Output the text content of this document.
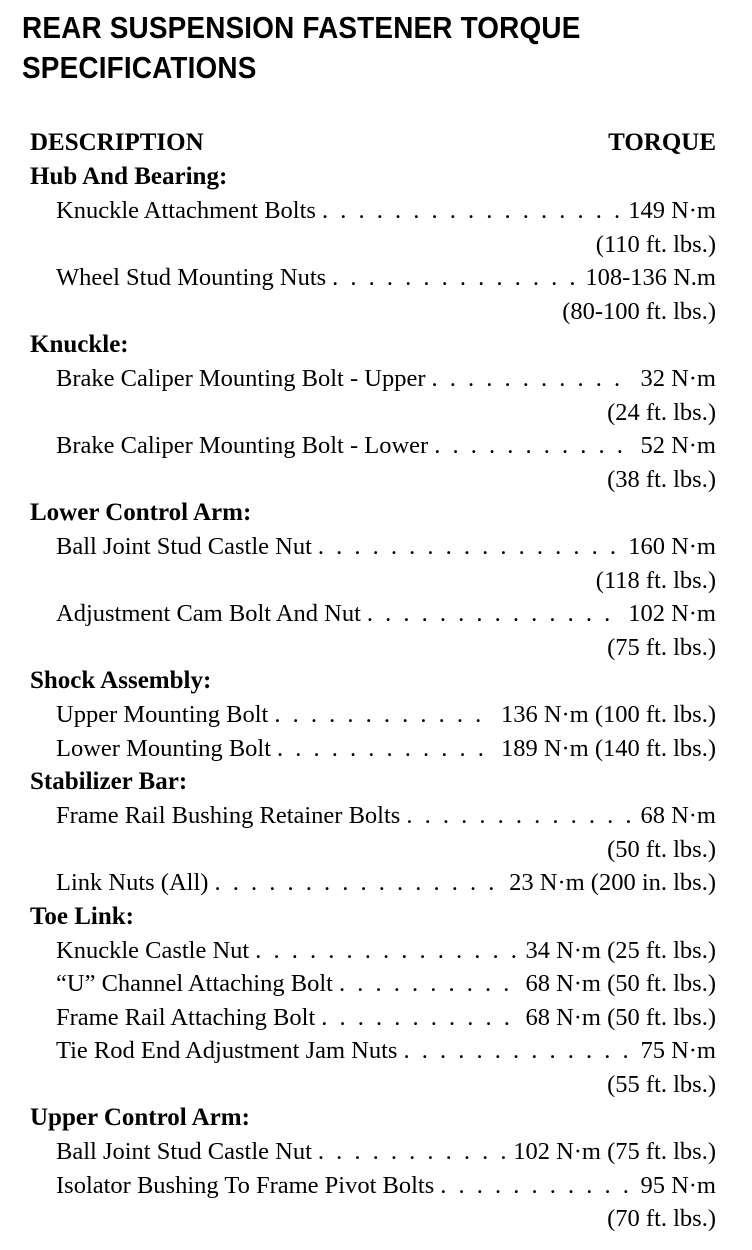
REAR SUSPENSION FASTENER TORQUE
SPECIFICATIONS
DESCRIPTION	TORQUE
Hub And Bearing:
Knuckle Attachment Bolts . . .	149 N·m
(110 ft. lbs.)
Wheel Stud Mounting Nuts . . .	108-136 N.m
(80-100 ft. lbs.)
Knuckle:
Brake Caliper Mounting Bolt - Upper . . .	32 N·m
(24 ft. lbs.)
Brake Caliper Mounting Bolt - Lower . . .	52 N·m
(38 ft. lbs.)
Lower Control Arm:
Ball Joint Stud Castle Nut . . .	160 N·m
(118 ft. lbs.)
Adjustment Cam Bolt And Nut . . .	102 N·m
(75 ft. lbs.)
Shock Assembly:
Upper Mounting Bolt . . .	136 N·m (100 ft. lbs.)
Lower Mounting Bolt . . .	189 N·m (140 ft. lbs.)
Stabilizer Bar:
Frame Rail Bushing Retainer Bolts . . .	68 N·m
(50 ft. lbs.)
Link Nuts (All) . . .	23 N·m (200 in. lbs.)
Toe Link:
Knuckle Castle Nut . . .	34 N·m (25 ft. lbs.)
“U” Channel Attaching Bolt . . .	68 N·m (50 ft. lbs.)
Frame Rail Attaching Bolt . . .	68 N·m (50 ft. lbs.)
Tie Rod End Adjustment Jam Nuts . . .	75 N·m
(55 ft. lbs.)
Upper Control Arm:
Ball Joint Stud Castle Nut . . .	102 N·m (75 ft. lbs.)
Isolator Bushing To Frame Pivot Bolts . . .	95 N·m
(70 ft. lbs.)
